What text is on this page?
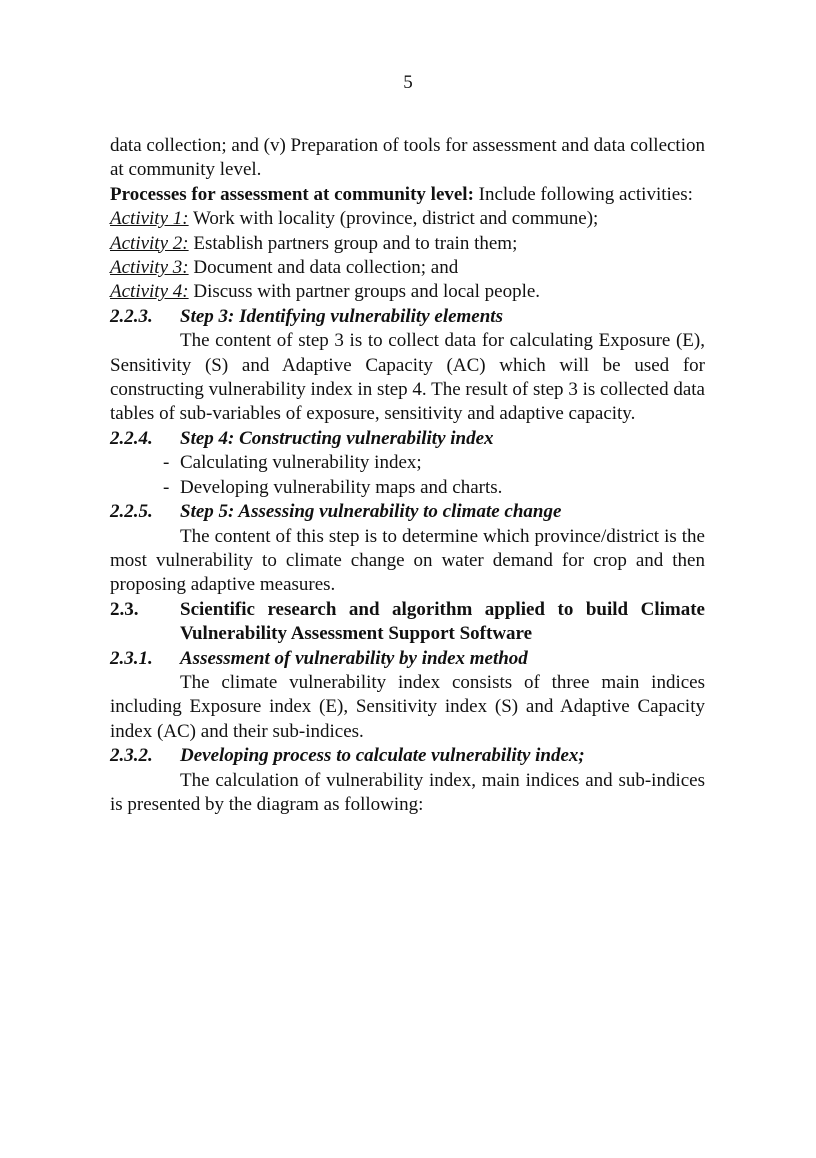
5

data collection; and (v) Preparation of tools for assessment and data collection at community level.

Processes for assessment at community level: Include following activities:

Activity 1: Work with locality (province, district and commune);

Activity 2: Establish partners group and to train them;

Activity 3: Document and data collection; and

Activity 4: Discuss with partner groups and local people.

2.2.3.	Step 3: Identifying vulnerability elements

The content of step 3 is to collect data for calculating Exposure (E), Sensitivity (S) and Adaptive Capacity (AC) which will be used for constructing vulnerability index in step 4. The result of step 3 is collected data tables of sub-variables of exposure, sensitivity and adaptive capacity.

2.2.4.	Step 4: Constructing vulnerability index
- Calculating vulnerability index;
- Developing vulnerability maps and charts.
2.2.5.	Step 5: Assessing vulnerability to climate change

The content of this step is to determine which province/district is the most vulnerability to climate change on water demand for crop and then proposing adaptive measures.

2.3.	Scientific research and algorithm applied to build Climate Vulnerability Assessment Support Software
2.3.1.	Assessment of vulnerability by index method

The climate vulnerability index consists of three main indices including Exposure index (E), Sensitivity index (S) and Adaptive Capacity index (AC) and their sub-indices.

2.3.2.	Developing process to calculate vulnerability index;

The calculation of vulnerability index, main indices and sub-indices is presented by the diagram as following:
